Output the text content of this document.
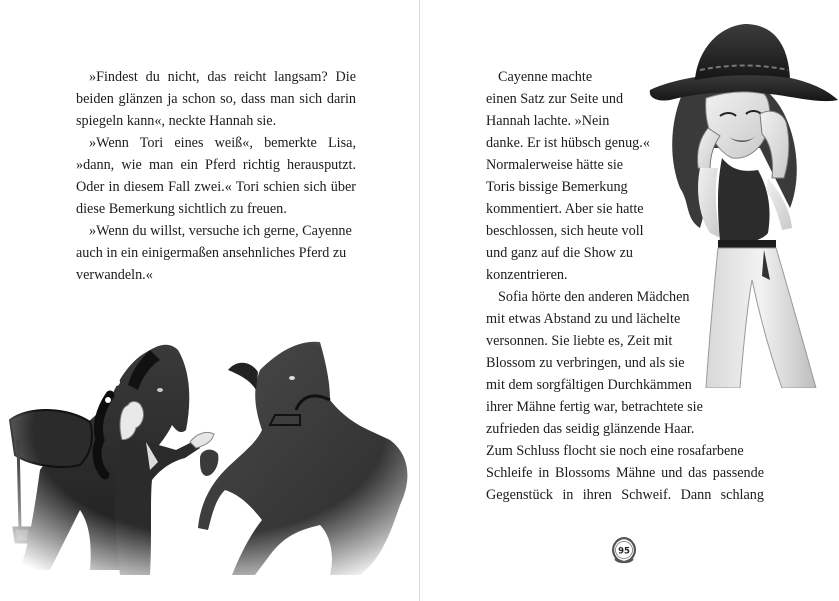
»Findest du nicht, das reicht langsam? Die beiden glänzen ja schon so, dass man sich darin spiegeln kann«, neckte Hannah sie.

»Wenn Tori eines weiß«, bemerkte Lisa, »dann, wie man ein Pferd richtig herausputzt. Oder in diesem Fall zwei.« Tori schien sich über diese Bemerkung sichtlich zu freuen.

»Wenn du willst, versuche ich gerne, Cayenne auch in ein einigermaßen ansehnliches Pferd zu verwandeln.«

Cayenne machte
einen Satz zur Seite und
Hannah lachte. »Nein
danke. Er ist hübsch genug.«
Normalerweise hätte sie
Toris bissige Bemerkung
kommentiert. Aber sie hatte
beschlossen, sich heute voll
und ganz auf die Show zu
konzentrieren.
Sofia hörte den anderen Mädchen
mit etwas Abstand zu und lächelte
versonnen. Sie liebte es, Zeit mit
Blossom zu verbringen, und als sie
mit dem sorgfältigen Durchkämmen
ihrer Mähne fertig war, betrachtete sie
zufrieden das seidig glänzende Haar.
Zum Schluss flocht sie noch eine rosafarbene
Schleife in Blossoms Mähne und das passende
Gegenstück in ihren Schweif. Dann schlang
95
